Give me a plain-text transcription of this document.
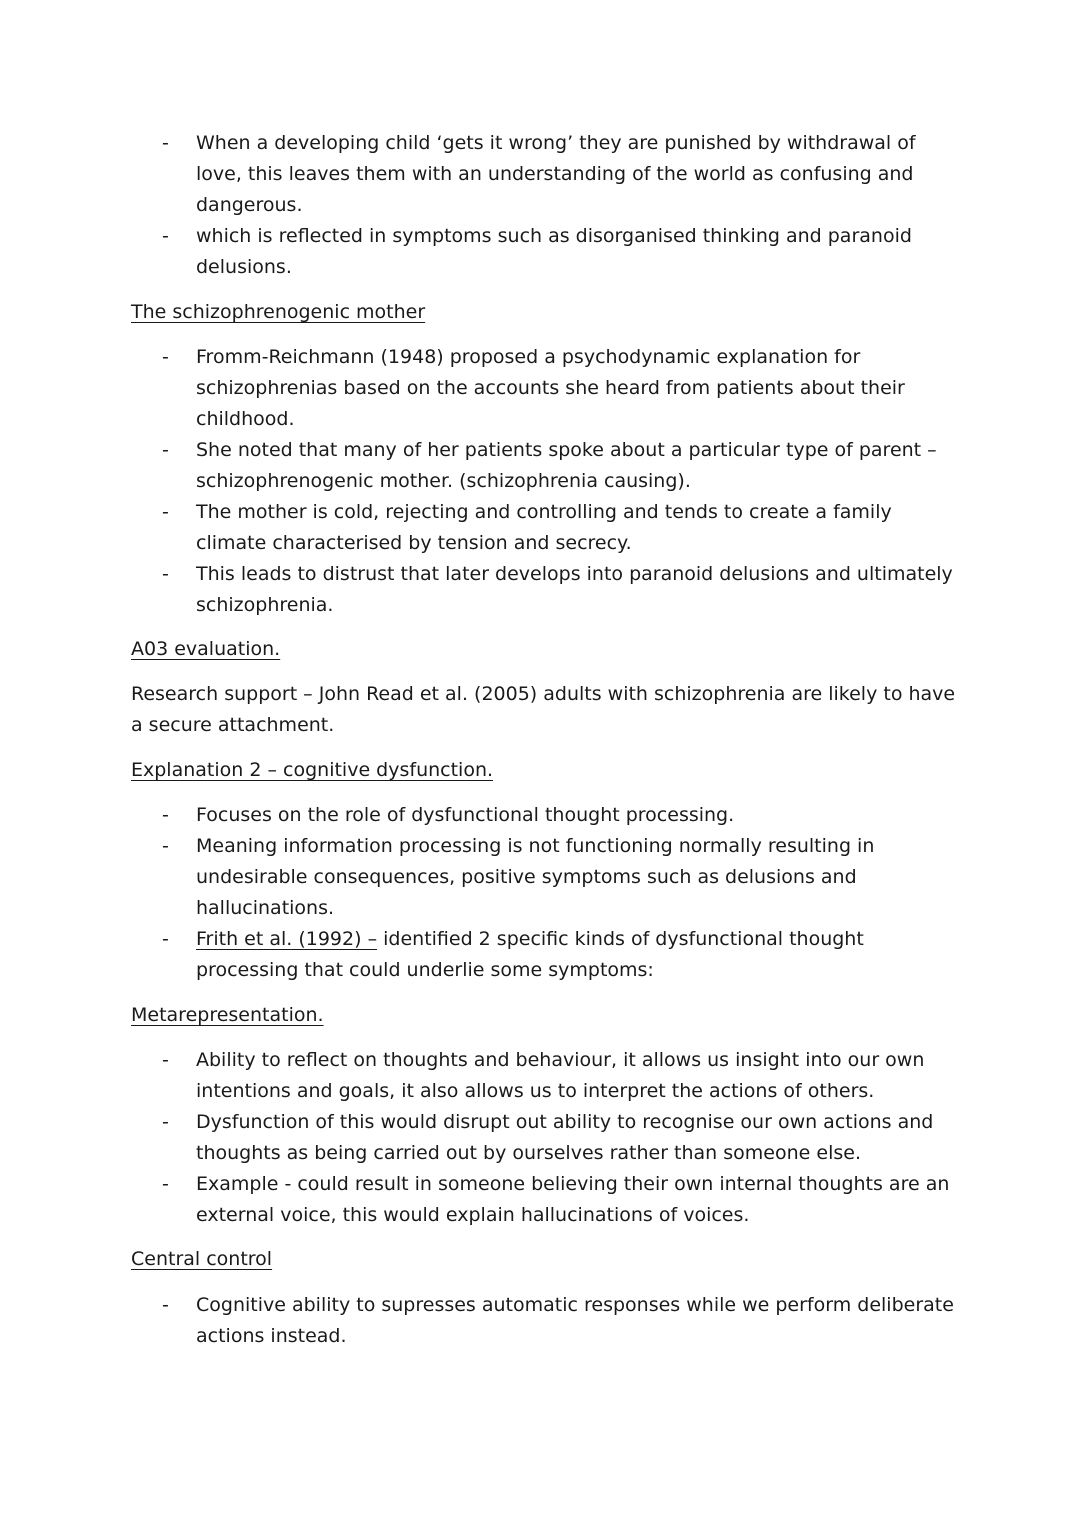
- When a developing child ‘gets it wrong’ they are punished by withdrawal of love, this leaves them with an understanding of the world as confusing and dangerous.
- which is reflected in symptoms such as disorganised thinking and paranoid delusions.
The schizophrenogenic mother
- Fromm-Reichmann (1948) proposed a psychodynamic explanation for schizophrenias based on the accounts she heard from patients about their childhood.
- She noted that many of her patients spoke about a particular type of parent – schizophrenogenic mother. (schizophrenia causing).
- The mother is cold, rejecting and controlling and tends to create a family climate characterised by tension and secrecy.
- This leads to distrust that later develops into paranoid delusions and ultimately schizophrenia.
A03 evaluation.

Research support – John Read et al. (2005) adults with schizophrenia are likely to have a secure attachment.

Explanation 2 – cognitive dysfunction.
- Focuses on the role of dysfunctional thought processing.
- Meaning information processing is not functioning normally resulting in undesirable consequences, positive symptoms such as delusions and hallucinations.
- Frith et al. (1992) – identified 2 specific kinds of dysfunctional thought processing that could underlie some symptoms:
Metarepresentation.
- Ability to reflect on thoughts and behaviour, it allows us insight into our own intentions and goals, it also allows us to interpret the actions of others.
- Dysfunction of this would disrupt out ability to recognise our own actions and thoughts as being carried out by ourselves rather than someone else.
- Example - could result in someone believing their own internal thoughts are an external voice, this would explain hallucinations of voices.
Central control
- Cognitive ability to supresses automatic responses while we perform deliberate actions instead.
